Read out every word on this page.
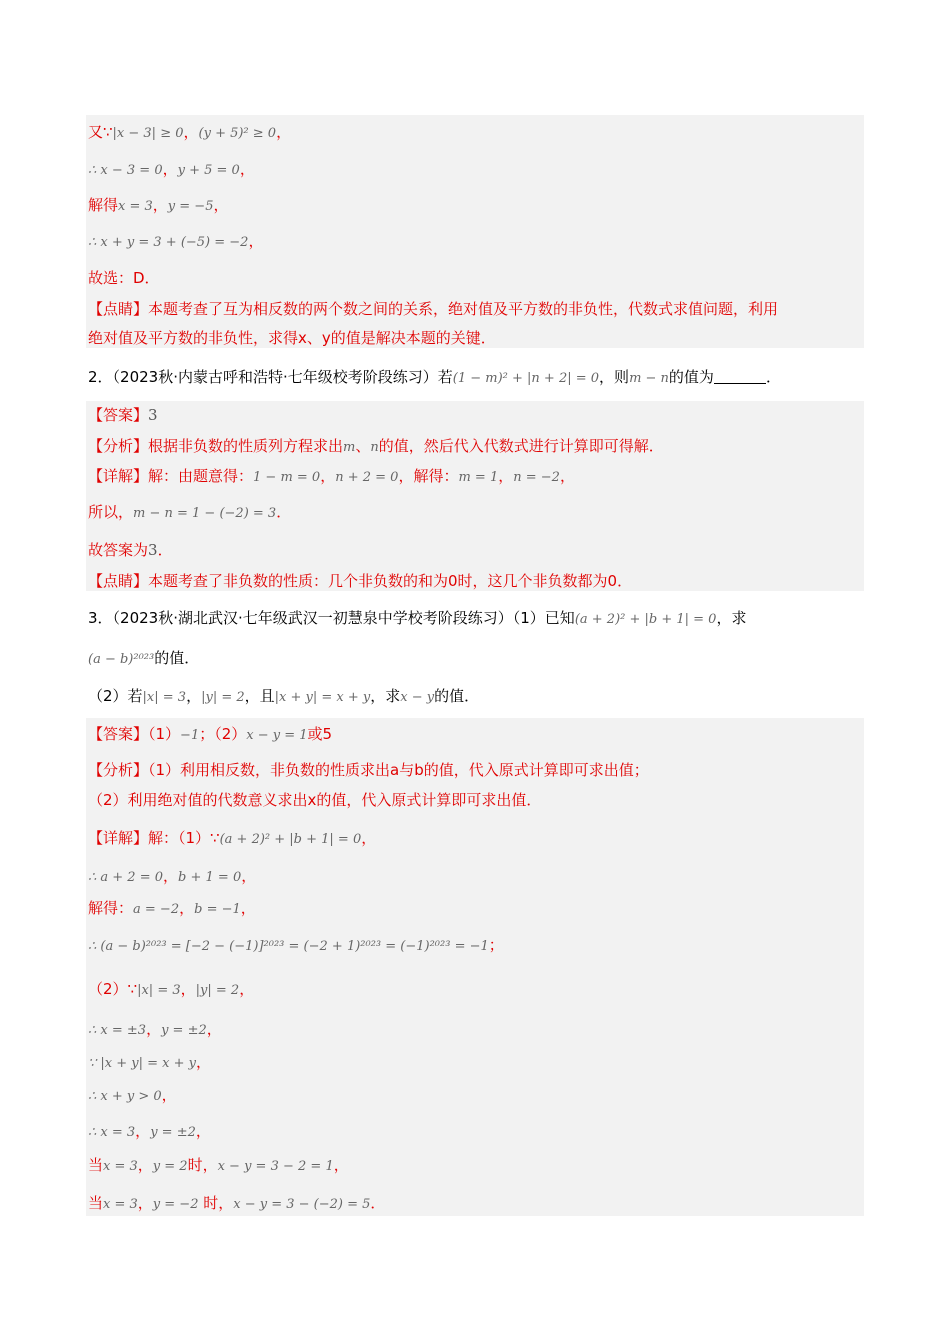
又∵|x − 3| ≥ 0，(y + 5)² ≥ 0，
∴ x − 3 = 0，y + 5 = 0，
解得x = 3，y = −5，
∴ x + y = 3 + (−5) = −2，
故选：D．
【点睛】本题考查了互为相反数的两个数之间的关系，绝对值及平方数的非负性，代数式求值问题，利用
绝对值及平方数的非负性，求得x、y的值是解决本题的关键．
2．（2023秋·内蒙古呼和浩特·七年级校考阶段练习）若(1 − m)² + |n + 2| = 0，则m − n的值为	．
【答案】3
【分析】根据非负数的性质列方程求出m、n的值，然后代入代数式进行计算即可得解．
【详解】解：由题意得：1 − m = 0，n + 2 = 0，解得：m = 1，n = −2，
所以，m − n = 1 − (−2) = 3．
故答案为3．
【点睛】本题考查了非负数的性质：几个非负数的和为0时，这几个非负数都为0．
3．（2023秋·湖北武汉·七年级武汉一初慧泉中学校考阶段练习）（1）已知(a + 2)² + |b + 1| = 0，求
(a − b)²⁰²³的值．
（2）若|x| = 3，|y| = 2，且|x + y| = x + y，求x − y的值．
【答案】（1）−1；（2）x − y = 1或5
【分析】（1）利用相反数，非负数的性质求出a与b的值，代入原式计算即可求出值；
（2）利用绝对值的代数意义求出x的值，代入原式计算即可求出值．
【详解】解：（1）∵(a + 2)² + |b + 1| = 0，
∴ a + 2 = 0，b + 1 = 0，
解得：a = −2，b = −1，
∴ (a − b)²⁰²³ = [−2 − (−1)]²⁰²³ = (−2 + 1)²⁰²³ = (−1)²⁰²³ = −1；
（2）∵|x| = 3，|y| = 2，
∴ x = ±3，y = ±2，
∵ |x + y| = x + y，
∴ x + y > 0，
∴ x = 3，y = ±2，
当x = 3，y = 2时，x − y = 3 − 2 = 1，
当x = 3，y = −2 时，x − y = 3 − (−2) = 5．
